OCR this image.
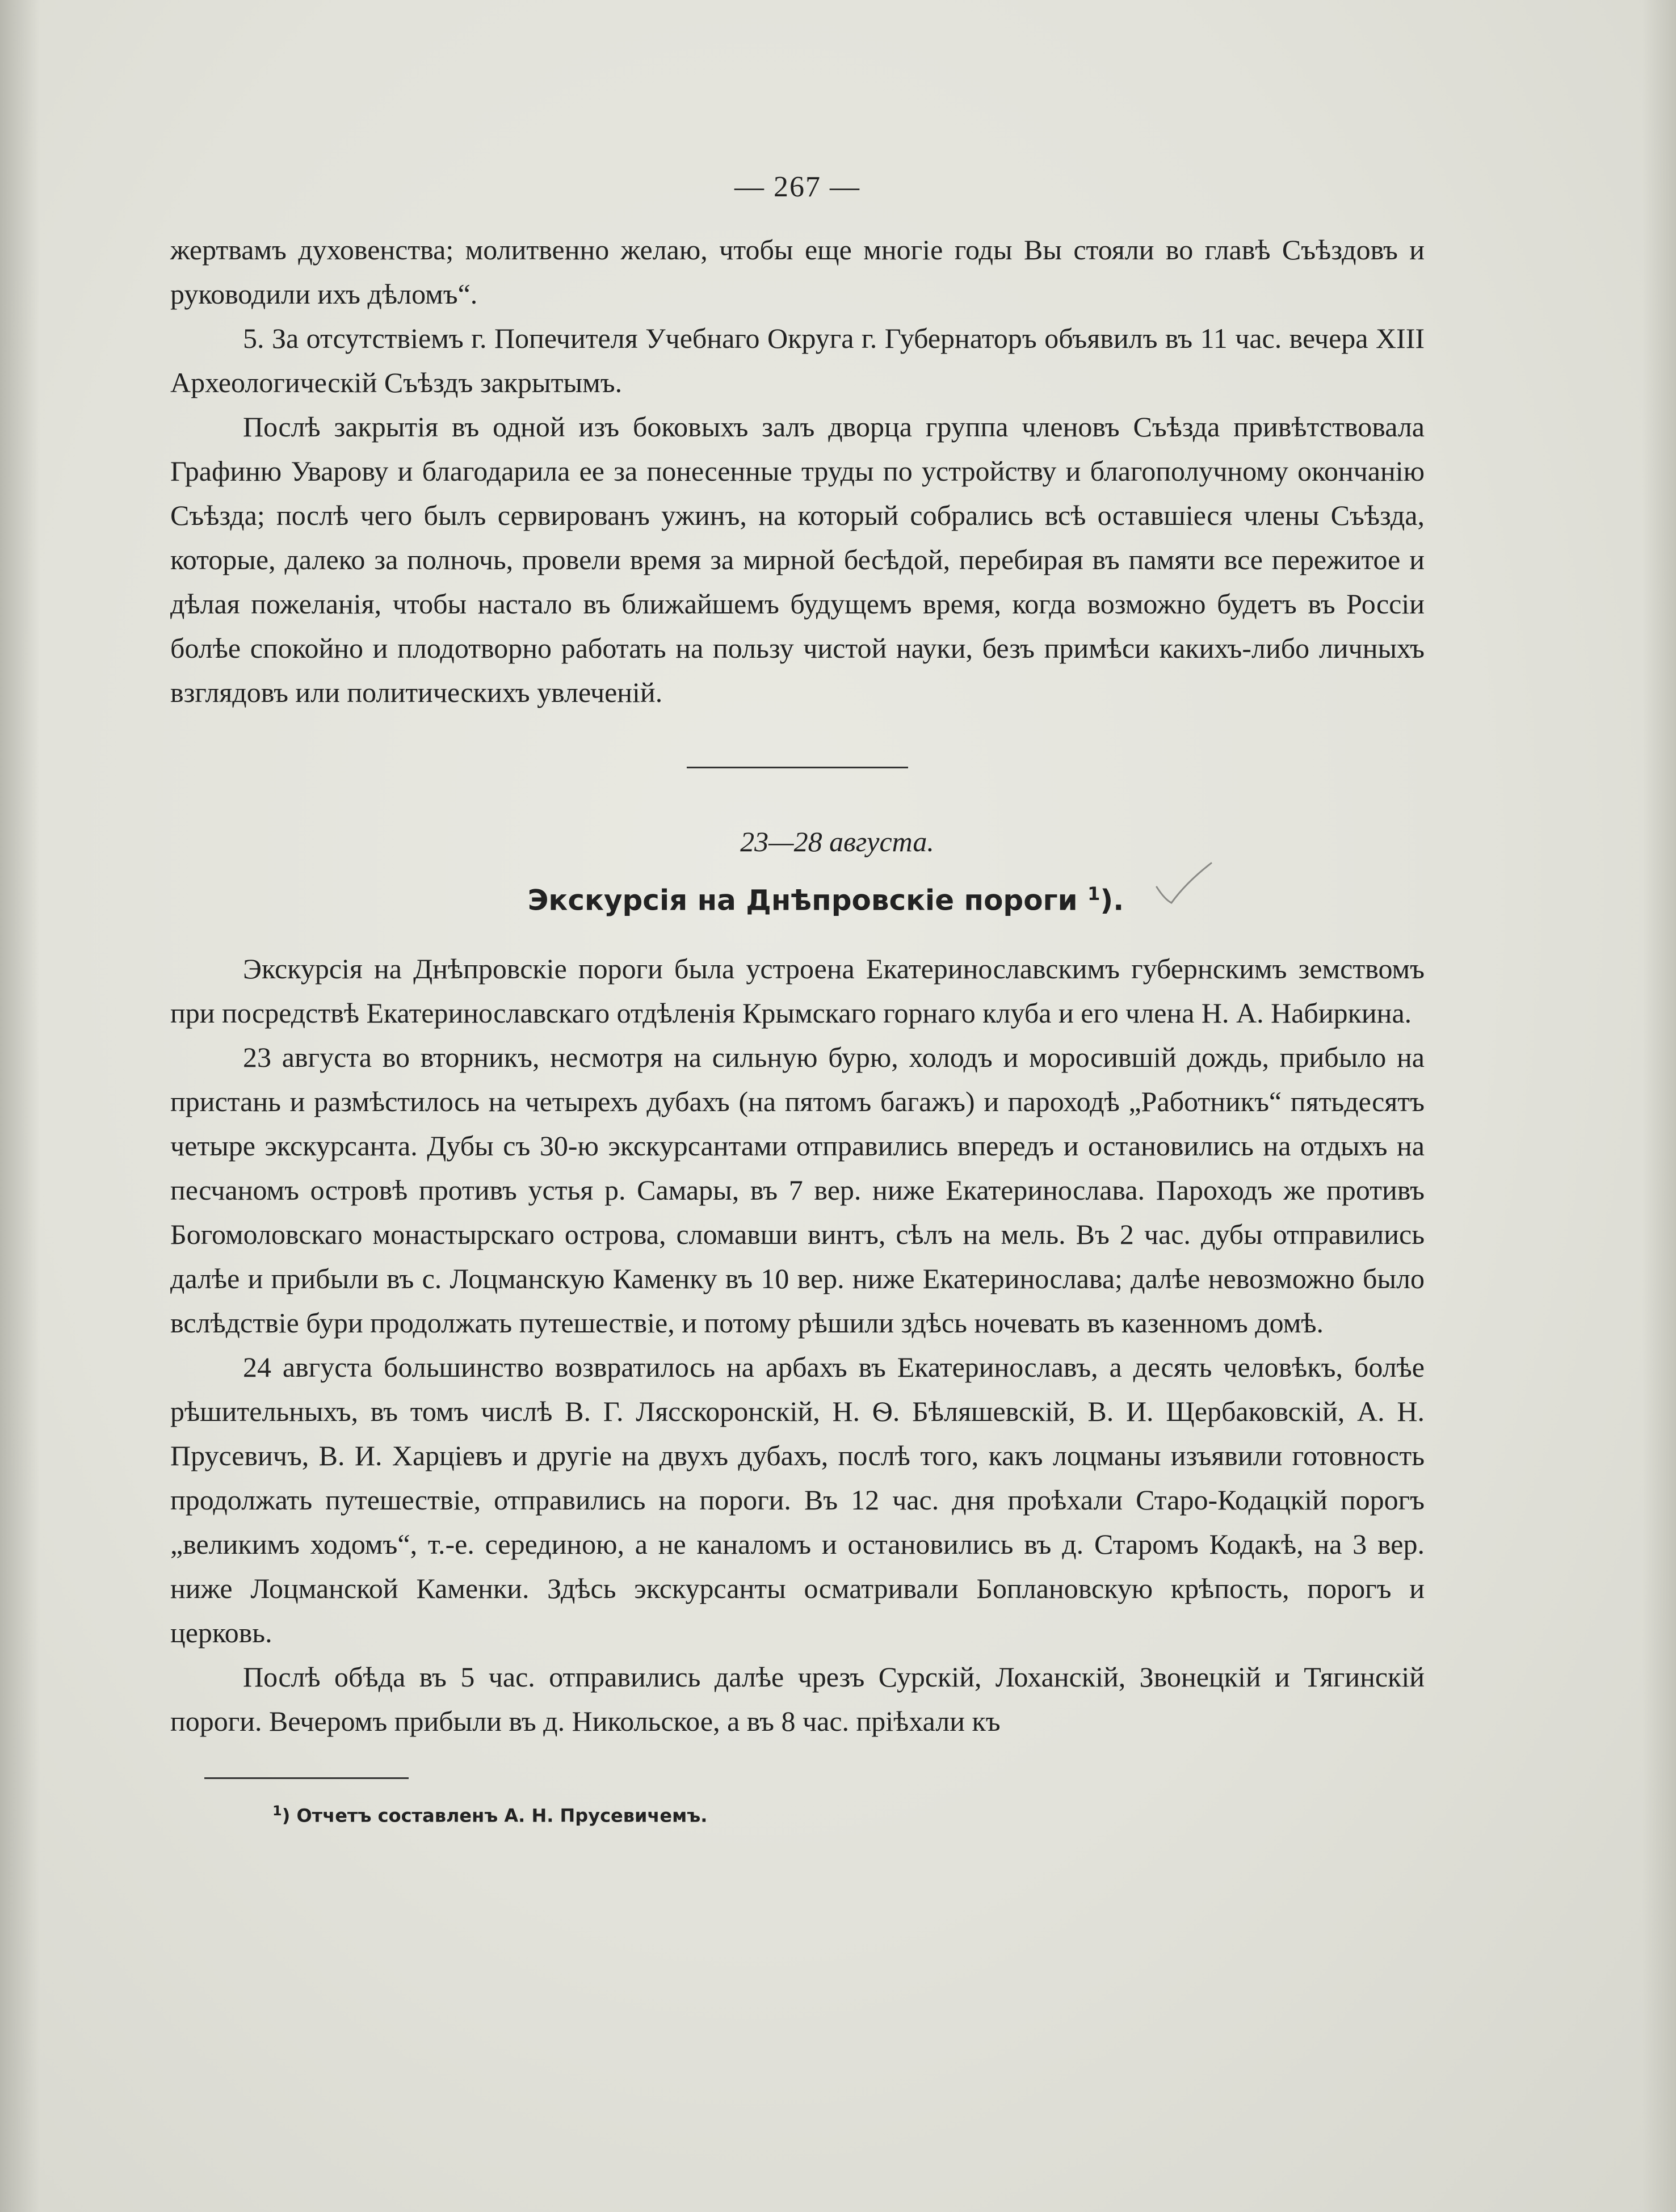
— 267 —

жертвамъ духовенства; молитвенно желаю, чтобы еще многіе годы Вы стояли во главѣ Съѣздовъ и руководили ихъ дѣломъ“.

5. За отсутствіемъ г. Попечителя Учебнаго Округа г. Губернаторъ объявилъ въ 11 час. вечера XIII Археологическій Съѣздъ закрытымъ.

Послѣ закрытія въ одной изъ боковыхъ залъ дворца группа членовъ Съѣзда привѣтствовала Графиню Уварову и благодарила ее за понесенные труды по устройству и благополучному окончанію Съѣзда; послѣ чего былъ сервированъ ужинъ, на который собрались всѣ оставшіеся члены Съѣзда, которые, далеко за полночь, провели время за мирной бесѣдой, перебирая въ памяти все пережитое и дѣлая пожеланія, чтобы настало въ ближайшемъ будущемъ время, когда возможно будетъ въ Россіи болѣе спокойно и плодотворно работать на пользу чистой науки, безъ примѣси какихъ-либо личныхъ взглядовъ или политическихъ увлеченій.

23—28 августа.
Экскурсія на Днѣпровскіе пороги $^1$).

Экскурсія на Днѣпровскіе пороги была устроена Екатеринославскимъ губернскимъ земствомъ при посредствѣ Екатеринославскаго отдѣленія Крымскаго горнаго клуба и его члена Н. А. Набиркина.

23 августа во вторникъ, несмотря на сильную бурю, холодъ и моросившій дождь, прибыло на пристань и размѣстилось на четырехъ дубахъ (на пятомъ багажъ) и пароходѣ „Работникъ“ пятьдесятъ четыре экскурсанта. Дубы съ 30-ю экскурсантами отправились впередъ и остановились на отдыхъ на песчаномъ островѣ противъ устья р. Самары, въ 7 вер. ниже Екатеринослава. Пароходъ же противъ Богомоловскаго монастырскаго острова, сломавши винтъ, сѣлъ на мель. Въ 2 час. дубы отправились далѣе и прибыли въ с. Лоцманскую Каменку въ 10 вер. ниже Екатеринослава; далѣе невозможно было вслѣдствіе бури продолжать путешествіе, и потому рѣшили здѣсь ночевать въ казенномъ домѣ.

24 августа большинство возвратилось на арбахъ въ Екатеринославъ, а десять человѣкъ, болѣе рѣшительныхъ, въ томъ числѣ В. Г. Лясскоронскій, Н. Ѳ. Бѣляшевскій, В. И. Щербаковскій, А. Н. Прусевичъ, В. И. Харціевъ и другіе на двухъ дубахъ, послѣ того, какъ лоцманы изъявили готовность продолжать путешествіе, отправились на пороги. Въ 12 час. дня проѣхали Старо-Кодацкій порогъ „великимъ ходомъ“, т.-е. серединою, а не каналомъ и остановились въ д. Старомъ Кодакѣ, на 3 вер. ниже Лоцманской Каменки. Здѣсь экскурсанты осматривали Боплановскую крѣпость, порогъ и церковь.

Послѣ обѣда въ 5 час. отправились далѣе чрезъ Сурскій, Лоханскій, Звонецкій и Тягинскій пороги. Вечеромъ прибыли въ д. Никольское, а въ 8 час. пріѣхали къ

$^1$) Отчетъ составленъ А. Н. Прусевичемъ.
